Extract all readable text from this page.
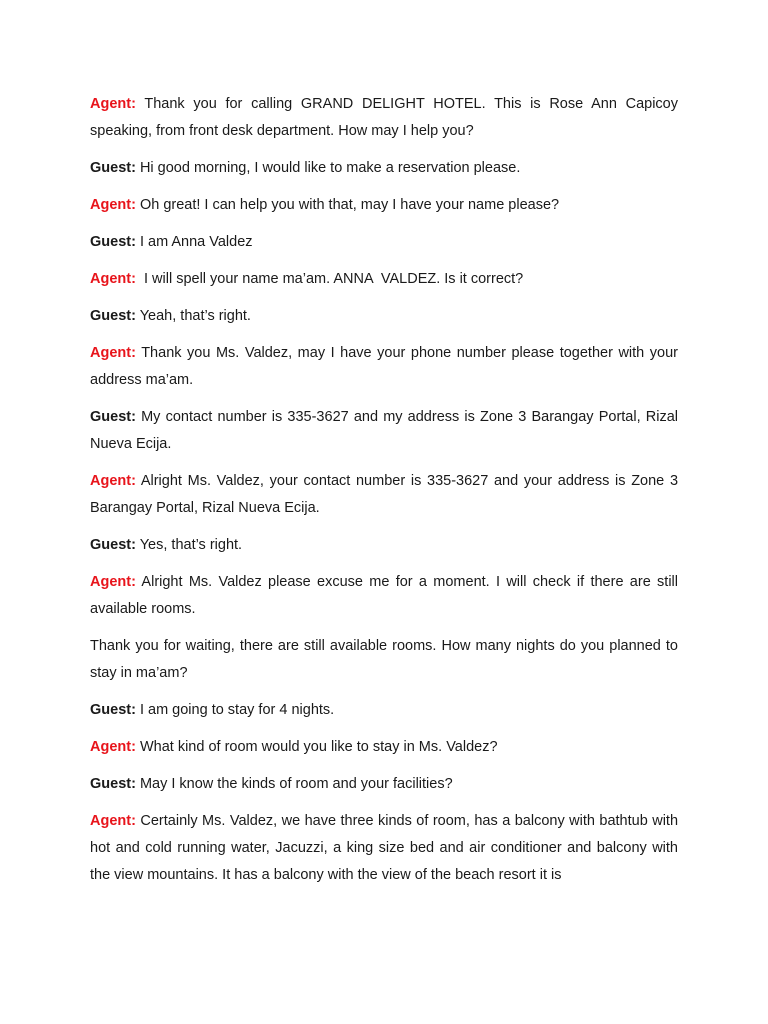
Agent: Thank you for calling GRAND DELIGHT HOTEL. This is Rose Ann Capicoy speaking, from front desk department. How may I help you?

Guest: Hi good morning, I would like to make a reservation please.

Agent: Oh great! I can help you with that, may I have your name please?

Guest: I am Anna Valdez

Agent:  I will spell your name ma’am. ANNA  VALDEZ. Is it correct?

Guest: Yeah, that’s right.

Agent: Thank you Ms. Valdez, may I have your phone number please together with your address ma’am.

Guest: My contact number is 335-3627 and my address is Zone 3 Barangay Portal, Rizal Nueva Ecija.

Agent: Alright Ms. Valdez, your contact number is 335-3627 and your address is Zone 3 Barangay Portal, Rizal Nueva Ecija.

Guest: Yes, that’s right.

Agent: Alright Ms. Valdez please excuse me for a moment. I will check if there are still available rooms.

Thank you for waiting, there are still available rooms. How many nights do you planned to stay in ma’am?

Guest: I am going to stay for 4 nights.

Agent: What kind of room would you like to stay in Ms. Valdez?

Guest: May I know the kinds of room and your facilities?

Agent: Certainly Ms. Valdez, we have three kinds of room, has a balcony with bathtub with hot and cold running water, Jacuzzi, a king size bed and air conditioner and balcony with the view mountains. It has a balcony with the view of the beach resort it is
